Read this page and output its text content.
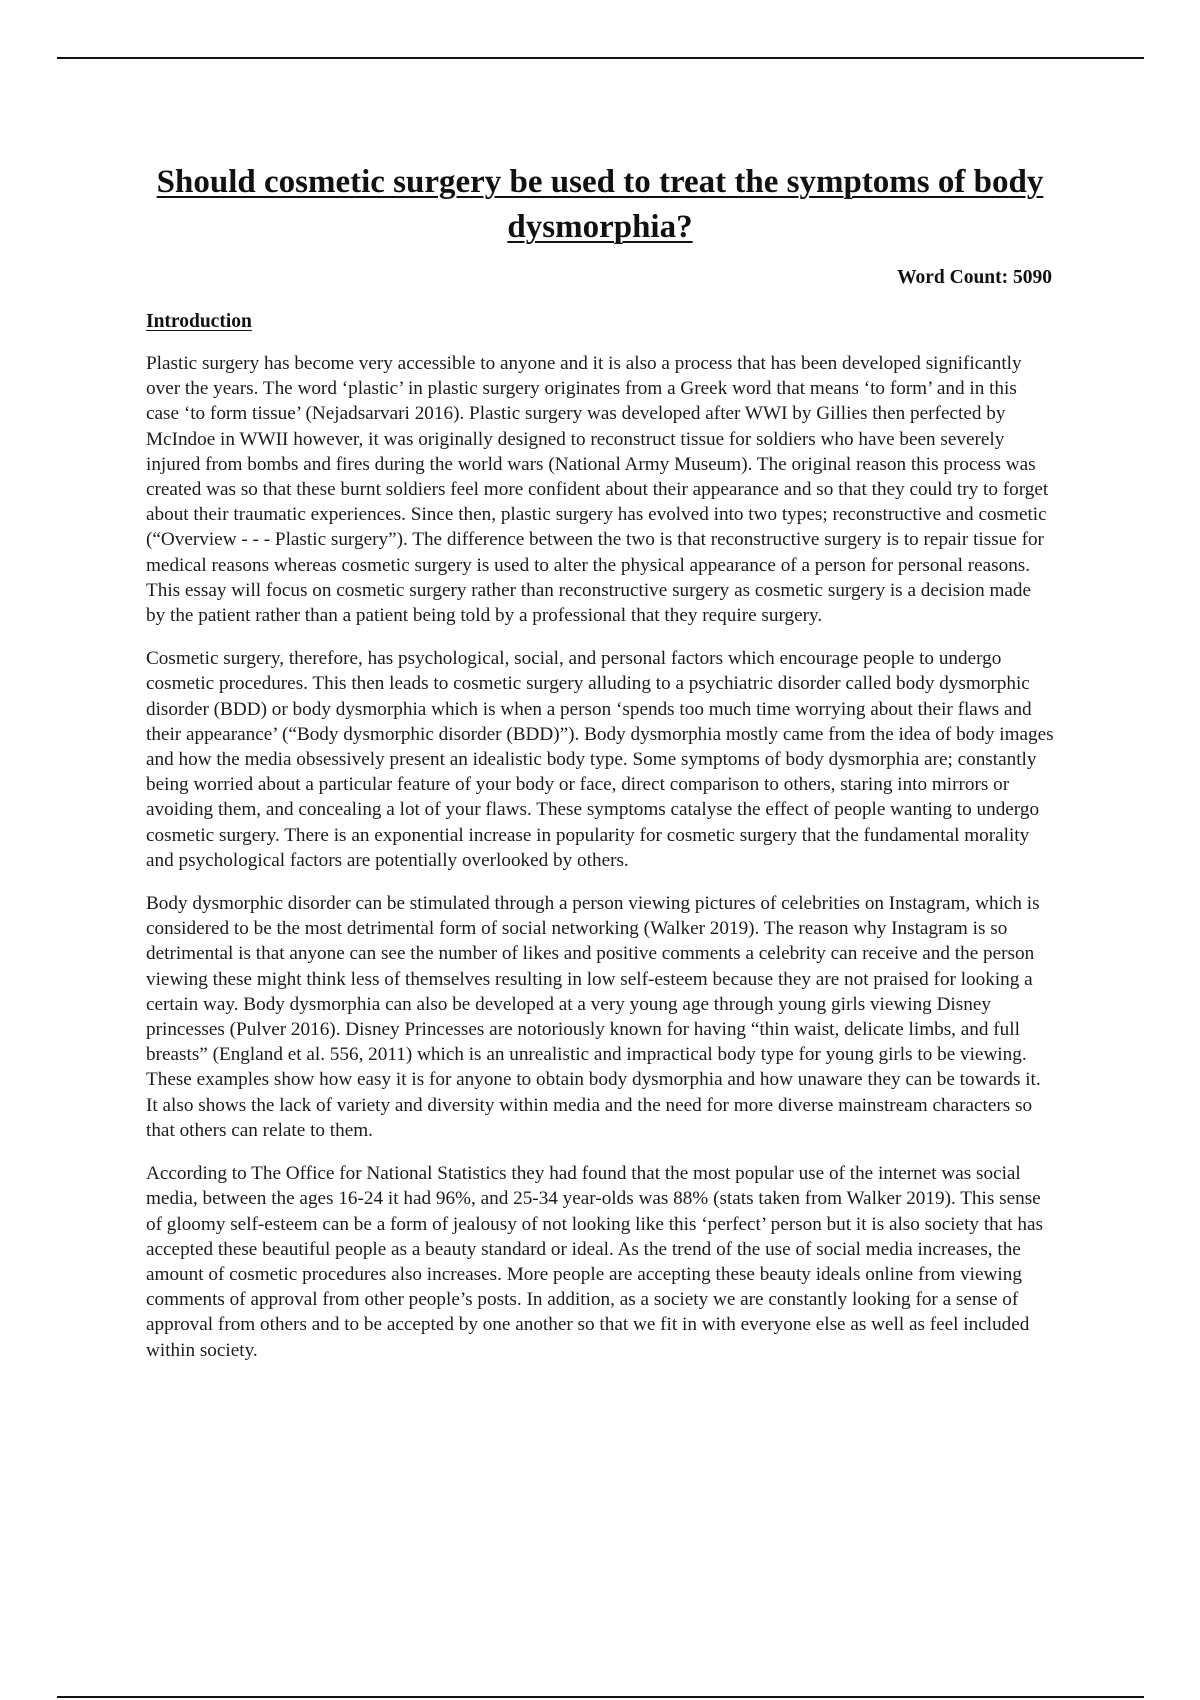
Should cosmetic surgery be used to treat the symptoms of body dysmorphia?
Word Count: 5090
Introduction

Plastic surgery has become very accessible to anyone and it is also a process that has been developed significantly over the years. The word ‘plastic’ in plastic surgery originates from a Greek word that means ‘to form’ and in this case ‘to form tissue’ (Nejadsarvari 2016). Plastic surgery was developed after WWI by Gillies then perfected by McIndoe in WWII however, it was originally designed to reconstruct tissue for soldiers who have been severely injured from bombs and fires during the world wars (National Army Museum). The original reason this process was created was so that these burnt soldiers feel more confident about their appearance and so that they could try to forget about their traumatic experiences. Since then, plastic surgery has evolved into two types; reconstructive and cosmetic (“Overview - - - Plastic surgery”). The difference between the two is that reconstructive surgery is to repair tissue for medical reasons whereas cosmetic surgery is used to alter the physical appearance of a person for personal reasons. This essay will focus on cosmetic surgery rather than reconstructive surgery as cosmetic surgery is a decision made by the patient rather than a patient being told by a professional that they require surgery.

Cosmetic surgery, therefore, has psychological, social, and personal factors which encourage people to undergo cosmetic procedures. This then leads to cosmetic surgery alluding to a psychiatric disorder called body dysmorphic disorder (BDD) or body dysmorphia which is when a person ‘spends too much time worrying about their flaws and their appearance’ (“Body dysmorphic disorder (BDD)”). Body dysmorphia mostly came from the idea of body images and how the media obsessively present an idealistic body type. Some symptoms of body dysmorphia are; constantly being worried about a particular feature of your body or face, direct comparison to others, staring into mirrors or avoiding them, and concealing a lot of your flaws. These symptoms catalyse the effect of people wanting to undergo cosmetic surgery. There is an exponential increase in popularity for cosmetic surgery that the fundamental morality and psychological factors are potentially overlooked by others.

Body dysmorphic disorder can be stimulated through a person viewing pictures of celebrities on Instagram, which is considered to be the most detrimental form of social networking (Walker 2019). The reason why Instagram is so detrimental is that anyone can see the number of likes and positive comments a celebrity can receive and the person viewing these might think less of themselves resulting in low self-esteem because they are not praised for looking a certain way. Body dysmorphia can also be developed at a very young age through young girls viewing Disney princesses (Pulver 2016). Disney Princesses are notoriously known for having “thin waist, delicate limbs, and full breasts” (England et al. 556, 2011) which is an unrealistic and impractical body type for young girls to be viewing. These examples show how easy it is for anyone to obtain body dysmorphia and how unaware they can be towards it. It also shows the lack of variety and diversity within media and the need for more diverse mainstream characters so that others can relate to them.

According to The Office for National Statistics they had found that the most popular use of the internet was social media, between the ages 16-24 it had 96%, and 25-34 year-olds was 88% (stats taken from Walker 2019). This sense of gloomy self-esteem can be a form of jealousy of not looking like this ‘perfect’ person but it is also society that has accepted these beautiful people as a beauty standard or ideal. As the trend of the use of social media increases, the amount of cosmetic procedures also increases. More people are accepting these beauty ideals online from viewing comments of approval from other people’s posts. In addition, as a society we are constantly looking for a sense of approval from others and to be accepted by one another so that we fit in with everyone else as well as feel included within society.
